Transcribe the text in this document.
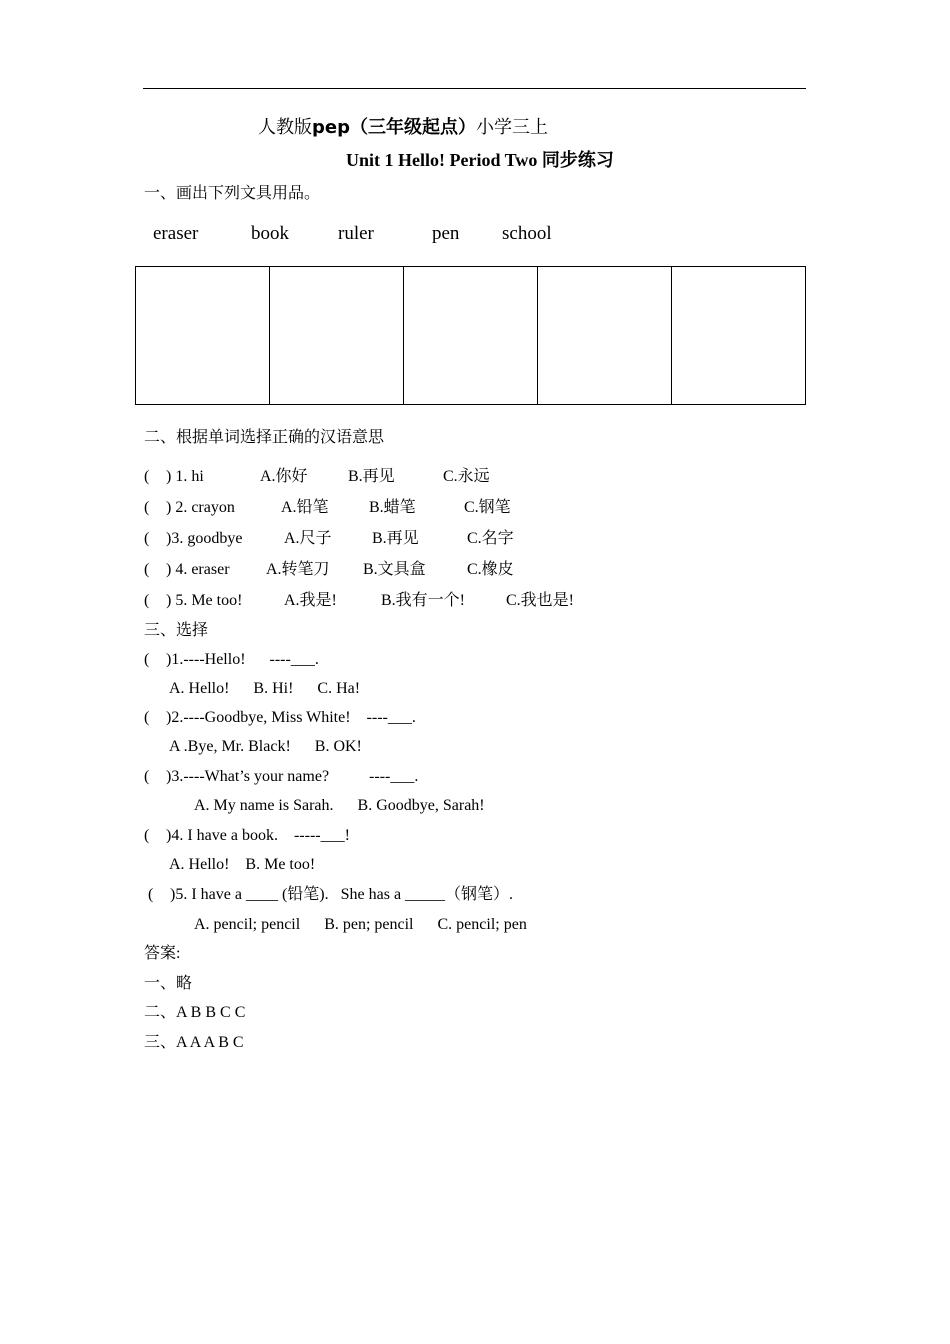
人教版pep（三年级起点）小学三上
Unit 1 Hello! Period Two 同步练习
一、画出下列文具用品。
eraser	book	ruler	pen school

二、根据单词选择正确的汉语意思
( ) 1. hi	A.你好	B.再见	C.永远
( ) 2. crayon	A.铅笔	B.蜡笔	C.钢笔
( )3. goodbye	A.尺子	B.再见	C.名字
( ) 4. eraser A.转笔刀 B.文具盒	C.橡皮
( ) 5. Me too!	A.我是!	B.我有一个!	C.我也是!
三、选择
( )1.----Hello!      ----___.
A. Hello!      B. Hi!      C. Ha!
( )2.----Goodbye, Miss White!    ----___.
A .Bye, Mr. Black!      B. OK!
( )3.----What’s your name?          ----___.
A. My name is Sarah.      B. Goodbye, Sarah!
( )4. I have a book.    -----___!
A. Hello!    B. Me too!
( )5. I have a ____ (铅笔).   She has a _____（钢笔）.
A. pencil; pencil      B. pen; pencil      C. pencil; pen
答案:
一、略
二、A B B C C
三、A A A B C
